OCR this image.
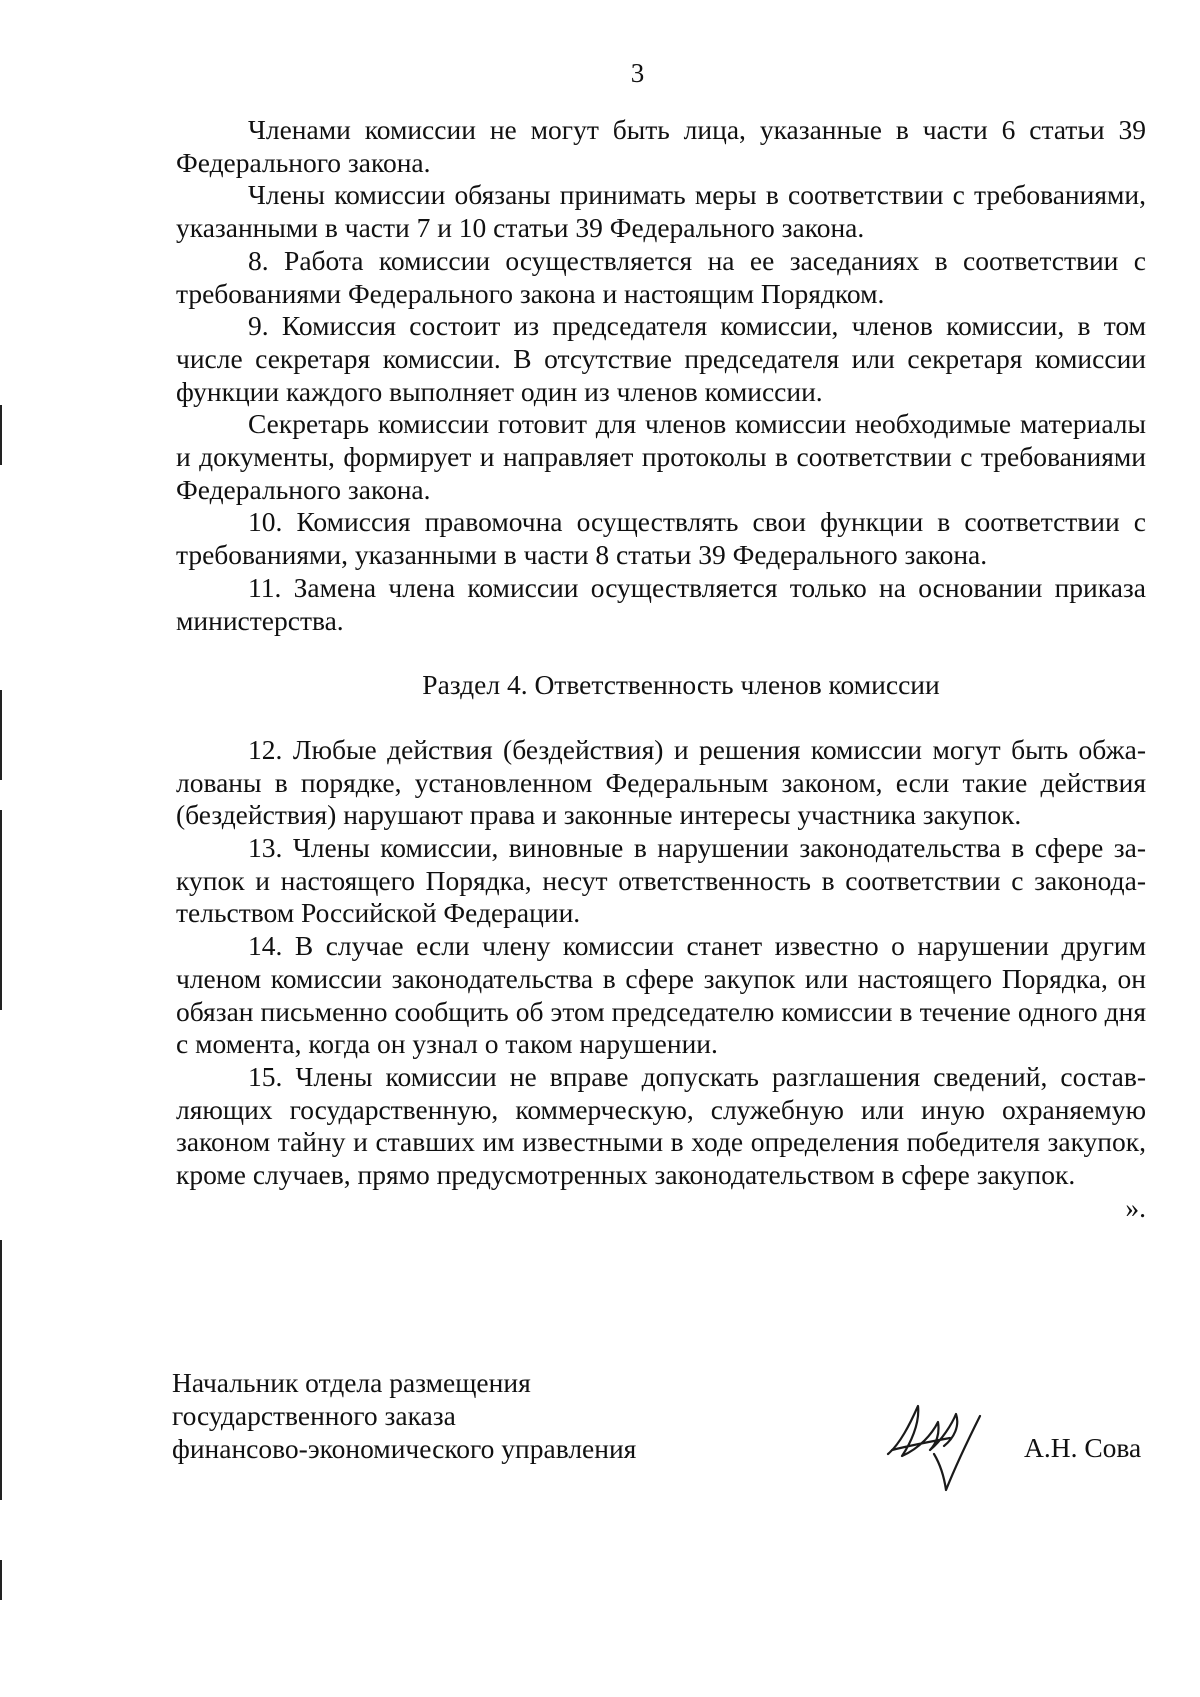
3

Членами комиссии не могут быть лица, указанные в части 6 статьи 39 Федерального закона.

Члены комиссии обязаны принимать меры в соответствии с требованиями, указанными в части 7 и 10 статьи 39 Федерального закона.

8. Работа комиссии осуществляется на ее заседаниях в соответствии с требованиями Федерального закона и настоящим Порядком.

9. Комиссия состоит из председателя комиссии, членов комиссии, в том числе секретаря комиссии. В отсутствие председателя или секретаря комиссии функции каждого выполняет один из членов комиссии.

Секретарь комиссии готовит для членов комиссии необходимые материалы и документы, формирует и направляет протоколы в соответствии с требованиями Федерального закона.

10. Комиссия правомочна осуществлять свои функции в соответствии с требованиями, указанными в части 8 статьи 39 Федерального закона.

11. Замена члена комиссии осуществляется только на основании приказа министерства.

Раздел 4. Ответственность членов комиссии

12. Любые действия (бездействия) и решения комиссии могут быть обжалованы в порядке, установленном Федеральным законом, если такие действия (бездействия) нарушают права и законные интересы участника закупок.

13. Члены комиссии, виновные в нарушении законодательства в сфере закупок и настоящего Порядка, несут ответственность в соответствии с законодательством Российской Федерации.

14. В случае если члену комиссии станет известно о нарушении другим членом комиссии законодательства в сфере закупок или настоящего Порядка, он обязан письменно сообщить об этом председателю комиссии в течение одного дня с момента, когда он узнал о таком нарушении.

15. Члены комиссии не вправе допускать разглашения сведений, составляющих государственную, коммерческую, служебную или иную охраняемую законом тайну и ставших им известными в ходе определения победителя закупок, кроме случаев, прямо предусмотренных законодательством в сфере закупок.

».

Начальник отдела размещения
государственного заказа
финансово-экономического управления	А.Н. Сова
